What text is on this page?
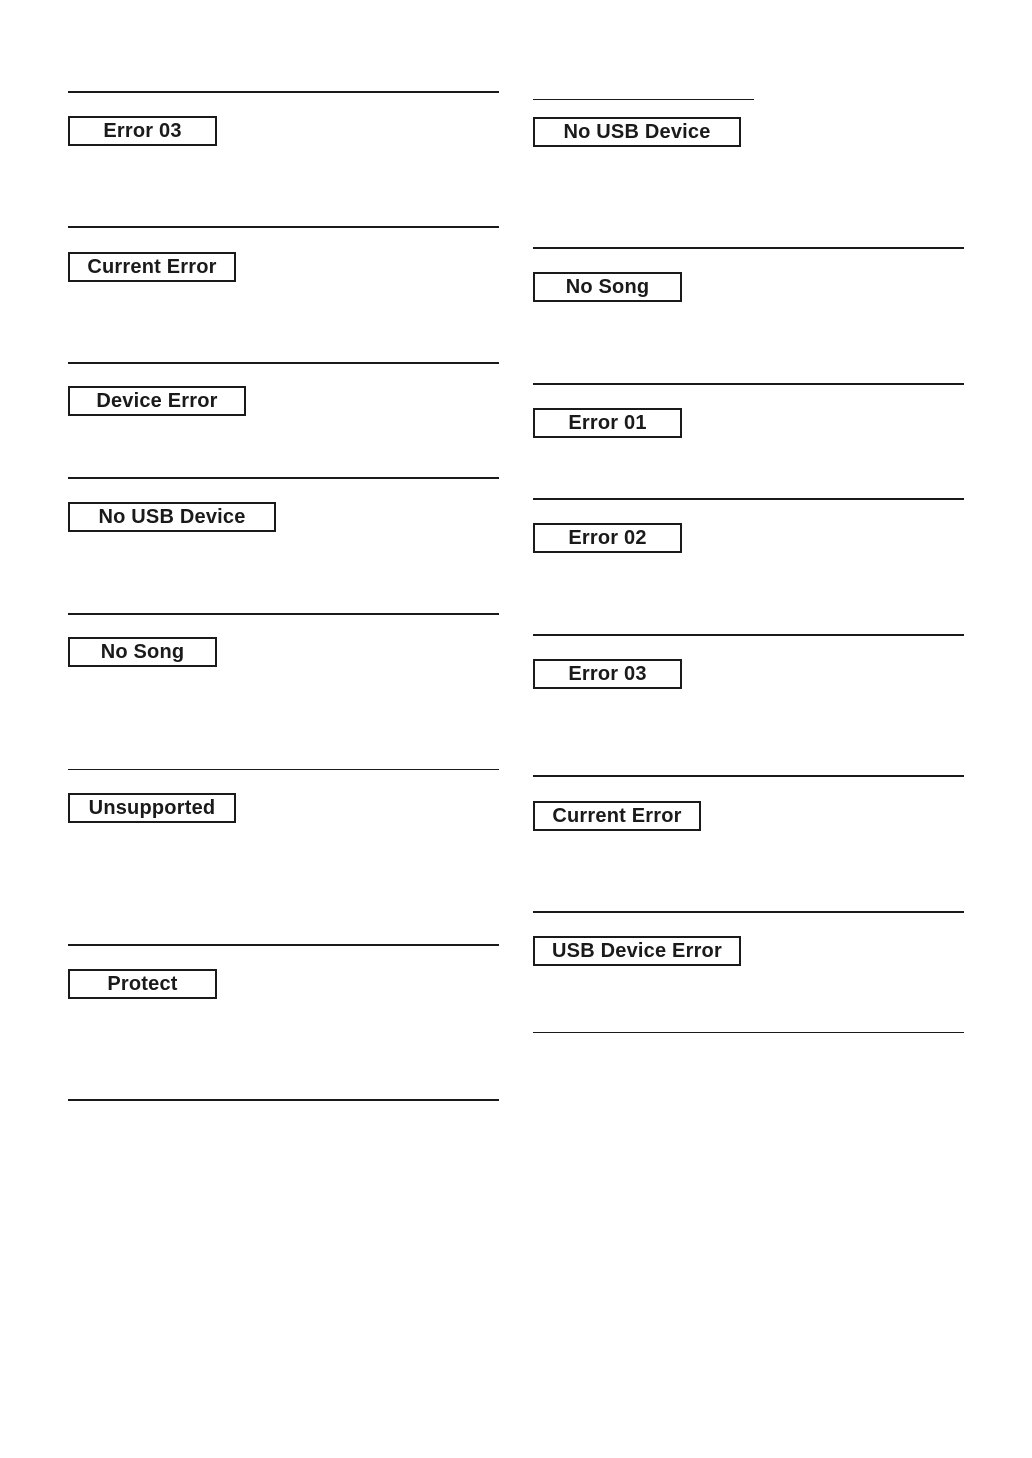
Error 03
Current Error
Device Error
No USB Device
No Song
Unsupported
Protect
No USB Device
No Song
Error 01
Error 02
Error 03
Current Error
USB Device Error
